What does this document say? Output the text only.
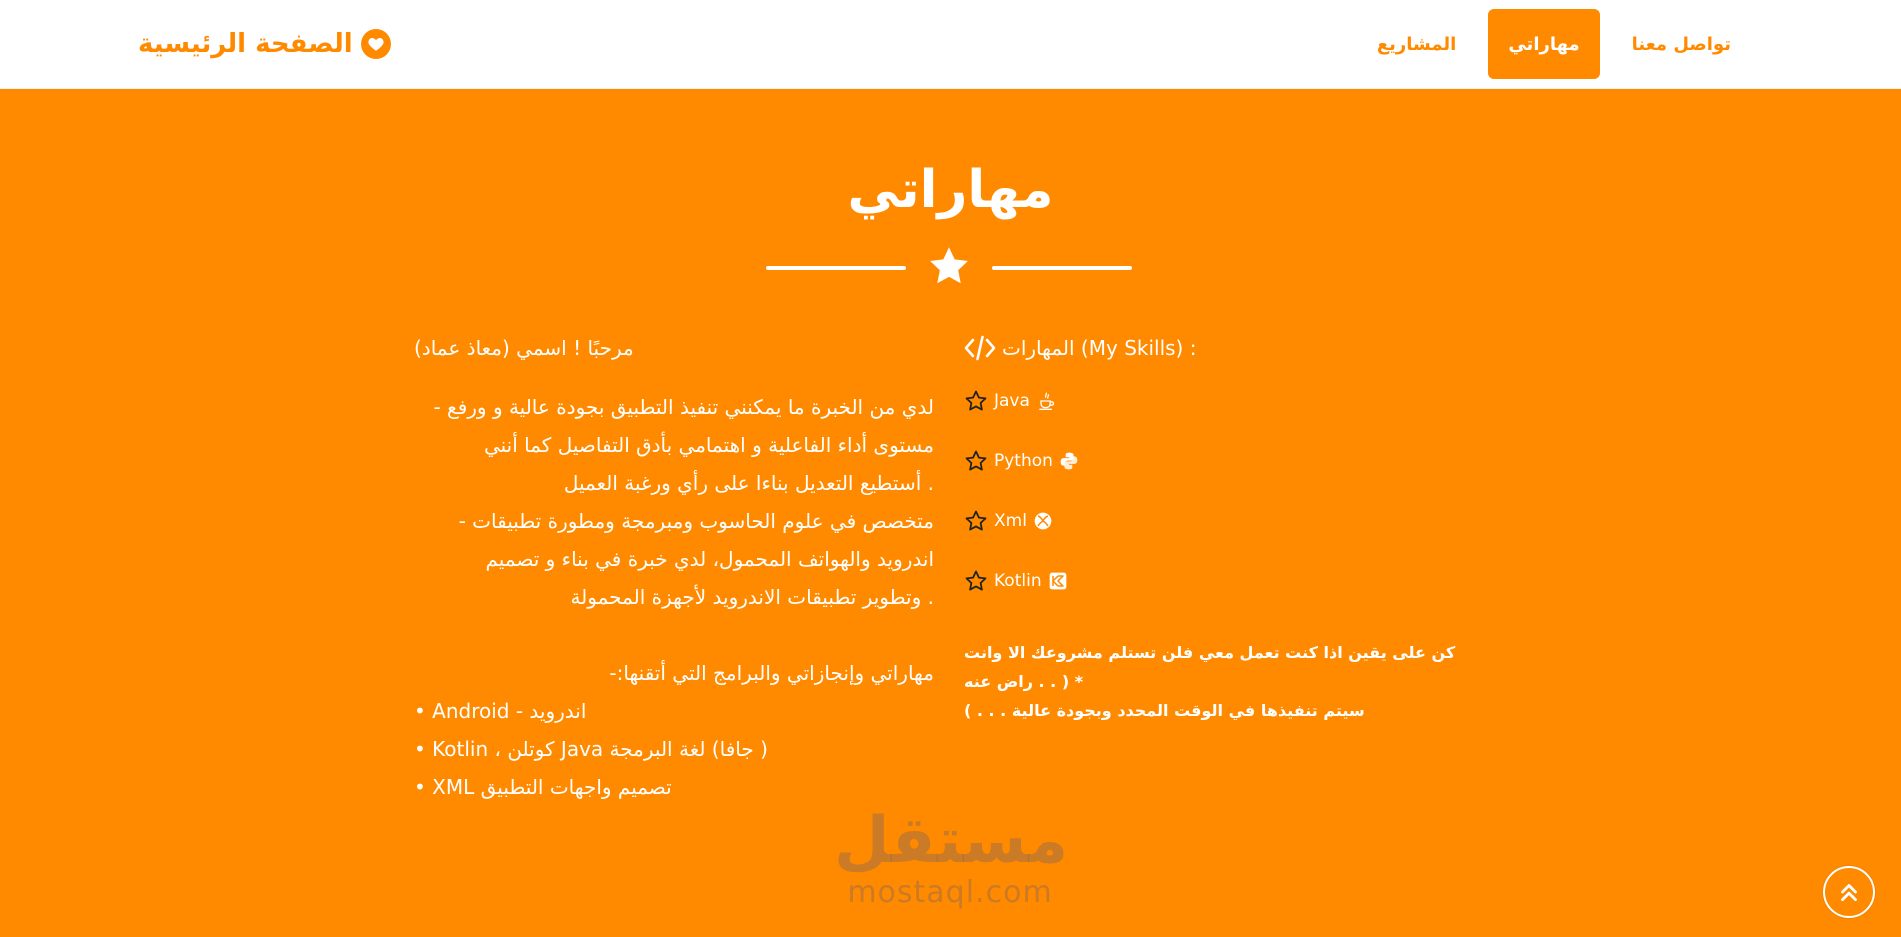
الصفحة الرئيسية	تواصل معنا
مهاراتي
المشاريع
مهاراتي

مرحبًا ! اسمي (معاذ عماد)

لدي من الخبرة ما يمكنني تنفيذ التطبيق بجودة عالية و ورفع -

مستوى أداء الفاعلية و اهتمامي بأدق التفاصيل كما أنني

. أستطيع التعديل بناءا على رأي ورغبة العميل

متخصص في علوم الحاسوب ومبرمجة ومطورة تطبيقات -

اندرويد والهواتف المحمول، لدي خبرة في بناء و تصميم

. وتطوير تطبيقات الاندرويد لأجهزة المحمولة

مهاراتي وإنجازاتي والبرامج التي أتقنها:-

• Android - اندرويد
• Kotlin ، كوتلن Java جافا) لغة البرمجة )
• XML تصميم واجهات التطبيق
المهارات (My Skills) :
Java
Python
Xml
Kotlin
كن على يقين اذا كنت تعمل معي فلن تستلم مشروعك الا وانت راض عنه . . ) *
( . . . سيتم تنفيذها في الوقت المحدد وبجودة عالية
مستقل
mostaql.com
